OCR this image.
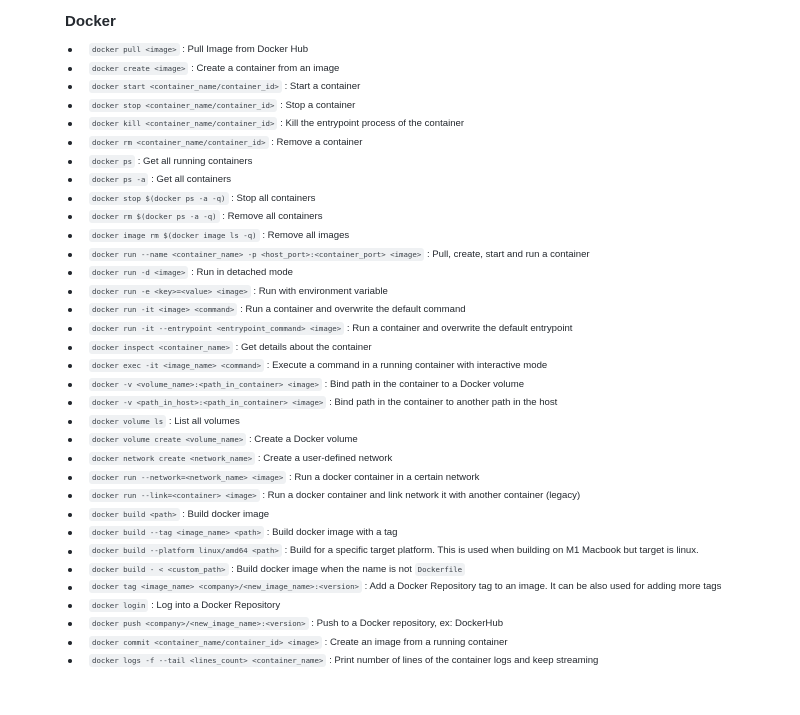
Docker
docker pull <image> : Pull Image from Docker Hub
docker create <image> : Create a container from an image
docker start <container_name/container_id> : Start a container
docker stop <container_name/container_id> : Stop a container
docker kill <container_name/container_id> : Kill the entrypoint process of the container
docker rm <container_name/container_id> : Remove a container
docker ps : Get all running containers
docker ps -a : Get all containers
docker stop $(docker ps -a -q) : Stop all containers
docker rm $(docker ps -a -q) : Remove all containers
docker image rm $(docker image ls -q) : Remove all images
docker run --name <container_name> -p <host_port>:<container_port> <image> : Pull, create, start and run a container
docker run -d <image> : Run in detached mode
docker run -e <key>=<value> <image> : Run with environment variable
docker run -it <image> <command> : Run a container and overwrite the default command
docker run -it --entrypoint <entrypoint_command> <image> : Run a container and overwrite the default entrypoint
docker inspect <container_name> : Get details about the container
docker exec -it <image_name> <command> : Execute a command in a running container with interactive mode
docker -v <volume_name>:<path_in_container> <image> : Bind path in the container to a Docker volume
docker -v <path_in_host>:<path_in_container> <image> : Bind path in the container to another path in the host
docker volume ls : List all volumes
docker volume create <volume_name> : Create a Docker volume
docker network create <network_name> : Create a user-defined network
docker run --network=<network_name> <image> : Run a docker container in a certain network
docker run --link=<container> <image> : Run a docker container and link network it with another container (legacy)
docker build <path> : Build docker image
docker build --tag <image_name> <path> : Build docker image with a tag
docker build --platform linux/amd64 <path> : Build for a specific target platform. This is used when building on M1 Macbook but target is linux.
docker build - < <custom_path> : Build docker image when the name is not Dockerfile
docker tag <image_name> <company>/<new_image_name>:<version> : Add a Docker Repository tag to an image. It can be also used for adding more tags
docker login : Log into a Docker Repository
docker push <company>/<new_image_name>:<version> : Push to a Docker repository, ex: DockerHub
docker commit <container_name/container_id> <image> : Create an image from a running container
docker logs -f --tail <lines_count> <container_name> : Print number of lines of the container logs and keep streaming
